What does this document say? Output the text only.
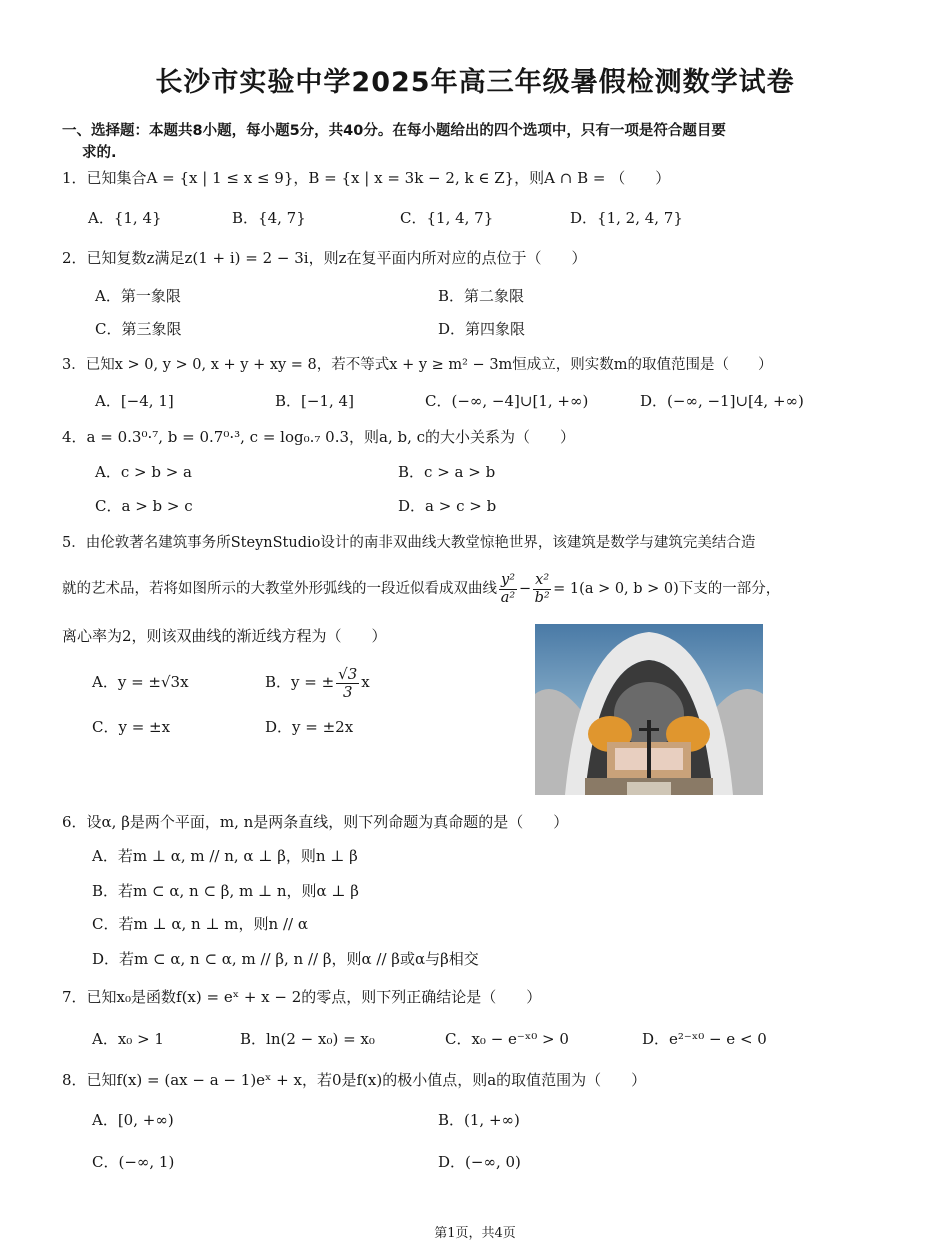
长沙市实验中学2025年高三年级暑假检测数学试卷
一、选择题：本题共8小题，每小题5分，共40分。在每小题给出的四个选项中，只有一项是符合题目要
求的.
1．已知集合A = {x | 1 ≤ x ≤ 9}，B = {x | x = 3k − 2, k ∈ Z}，则A ∩ B = （　　）
A．{1, 4}	B．{4, 7}	C．{1, 4, 7}	D．{1, 2, 4, 7}
2．已知复数z满足z(1 + i) = 2 − 3i，则z在复平面内所对应的点位于（　　）
A．第一象限	B．第二象限
C．第三象限	D．第四象限
3．已知x > 0, y > 0, x + y + xy = 8，若不等式x + y ≥ m² − 3m恒成立，则实数m的取值范围是（　　）
A．[−4, 1]	B．[−1, 4]	C．(−∞, −4]∪[1, +∞)	D．(−∞, −1]∪[4, +∞)
4．a = 0.3⁰·⁷, b = 0.7⁰·³, c = log₀.₇ 0.3，则a, b, c的大小关系为（　　）
A．c > b > a	B．c > a > b
C．a > b > c	D．a > c > b
5．由伦敦著名建筑事务所SteynStudio设计的南非双曲线大教堂惊艳世界，该建筑是数学与建筑完美结合造
就的艺术品，若将如图所示的大教堂外形弧线的一段近似看成双曲线 $\frac{\text{y²}}{\text{a²}} - \frac{\text{x²}}{\text{b²}} = 1(a > 0$, b > 0)下支的一部分，
离心率为2，则该双曲线的渐近线方程为（　　）
A．y = ±√3x	B．y = ± $\frac{√3}{3}$ x
C．y = ±x	D．y = ±2x
6．设α, β是两个平面，m, n是两条直线，则下列命题为真命题的是（　　）
A．若m ⊥ α, m // n, α ⊥ β，则n ⊥ β
B．若m ⊂ α, n ⊂ β, m ⊥ n，则α ⊥ β
C．若m ⊥ α, n ⊥ m，则n // α
D．若m ⊂ α, n ⊂ α, m // β, n // β，则α // β或α与β相交
7．已知x₀是函数f(x) = eˣ + x − 2的零点，则下列正确结论是（　　）
A．x₀ > 1	B．ln(2 − x₀) = x₀	C．x₀ − e⁻ˣ⁰ > 0	D．e²⁻ˣ⁰ − e < 0
8．已知f(x) = (ax − a − 1)eˣ + x，若0是f(x)的极小值点，则a的取值范围为（　　）
A．[0, +∞)	B．(1, +∞)
C．(−∞, 1)	D．(−∞, 0)
第1页，共4页
